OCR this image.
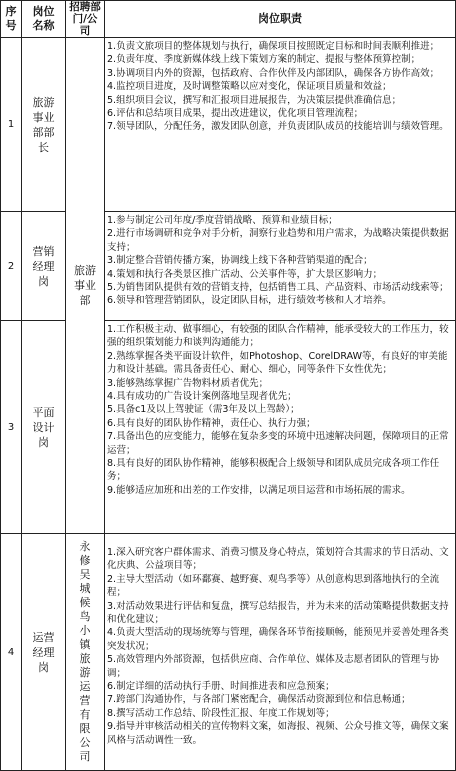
序号
岗位名称
招聘部门/公司
岗位职责
1
旅游事业部部长

1.负责文旅项目的整体规划与执行，确保项目按照既定目标和时间表顺利推进；

2.负责年度、季度新媒体线上线下策划方案的制定、提报与整体预算控制；

3.协调项目内外的资源，包括政府、合作伙伴及内部团队，确保各方协作高效；

4.监控项目进度，及时调整策略以应对变化，保证项目质量和效益；

5.组织项目会议，撰写和汇报项目进展报告，为决策层提供准确信息；

6.评估和总结项目成果，提出改进建议，优化项目管理流程；

7.领导团队，分配任务，激发团队创意，并负责团队成员的技能培训与绩效管理。

旅游事业部
2
营销经理岗

1.参与制定公司年度/季度营销战略、预算和业绩目标；

2.进行市场调研和竞争对手分析，洞察行业趋势和用户需求，为战略决策提供数据支持；

3.制定整合营销传播方案，协调线上线下各种营销渠道的配合；

4.策划和执行各类景区推广活动、公关事件等，扩大景区影响力；

5.为销售团队提供有效的营销支持，包括销售工具、产品资料、市场活动线索等；

6.领导和管理营销团队，设定团队目标，进行绩效考核和人才培养。

3
平面设计岗

1.工作积极主动、做事细心，有较强的团队合作精神，能承受较大的工作压力，较强的组织策划能力和谈判沟通能力；

2.熟练掌握各类平面设计软件，如Photoshop、CorelDRAW等，有良好的审美能力和设计基础。需具备责任心、耐心、细心，同等条件下女性优先；

3.能够熟练掌握广告物料材质者优先；

4.具有成功的广告设计案例落地呈现者优先；

5.具备c1及以上驾驶证（需3年及以上驾龄）；

6.具有良好的团队协作精神，责任心、执行力强；

7.具备出色的应变能力，能够在复杂多变的环境中迅速解决问题，保障项目的正常运营；

8.具有良好的团队协作精神，能够积极配合上级领导和团队成员完成各项工作任务；

9.能够适应加班和出差的工作安排，以满足项目运营和市场拓展的需求。

4
运营经理岗
永修吴城候鸟小镇旅游运营有限公司

1.深入研究客户群体需求、消费习惯及身心特点，策划符合其需求的节日活动、文化庆典、公益项目等；

2.主导大型活动（如环鄱赛、越野赛、观鸟季等）从创意构思到落地执行的全流程；

3.对活动效果进行评估和复盘，撰写总结报告，并为未来的活动策略提供数据支持和优化建议；

4.负责大型活动的现场统筹与管理，确保各环节衔接顺畅，能预见并妥善处理各类突发状况；

5.高效管理内外部资源，包括供应商、合作单位、媒体及志愿者团队的管理与协调；

6.制定详细的活动执行手册、时间推进表和应急预案；

7.跨部门沟通协作，与各部门紧密配合，确保活动资源到位和信息畅通；

8.撰写活动工作总结、阶段性汇报、年度工作规划等；

9.指导并审核活动相关的宣传物料文案，如海报、视频、公众号推文等，确保文案风格与活动调性一致。
